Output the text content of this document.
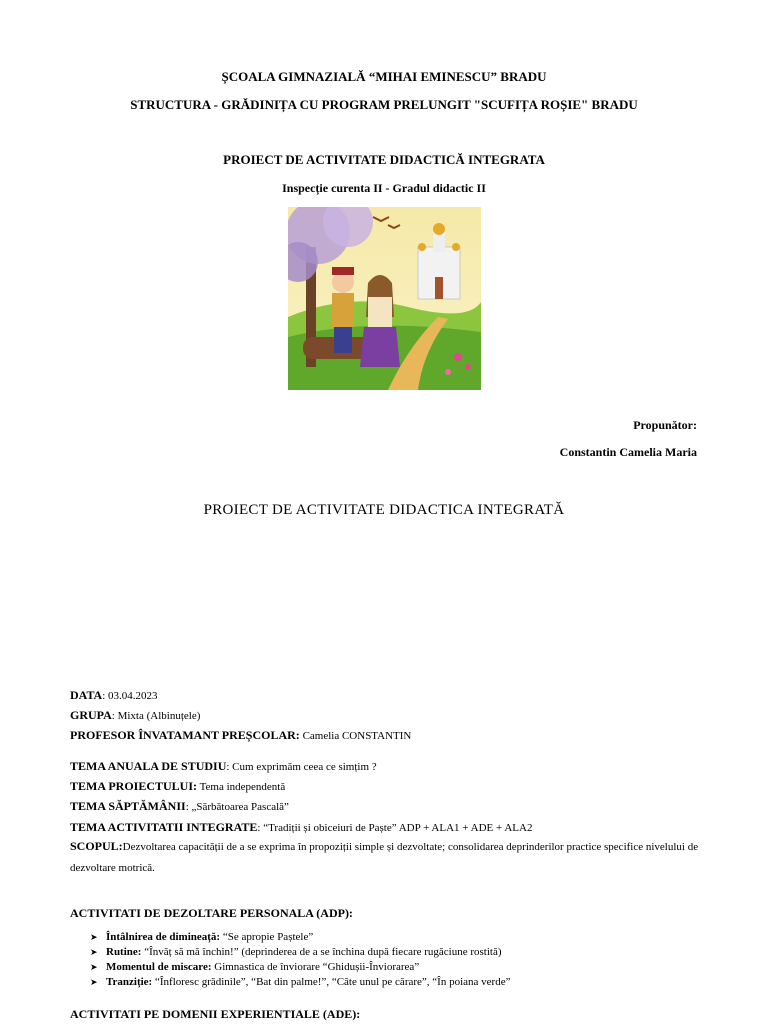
ȘCOALA GIMNAZIALĂ “MIHAI EMINESCU” BRADU
STRUCTURA - GRĂDINIȚA CU PROGRAM PRELUNGIT "SCUFIȚA ROȘIE" BRADU
PROIECT DE ACTIVITATE DIDACTICĂ INTEGRATA
Inspecție curenta II - Gradul didactic II
Propunător:
Constantin Camelia Maria
PROIECT DE ACTIVITATE DIDACTICA INTEGRATĂ
DATA: 03.04.2023
GRUPA: Mixta (Albinuțele)
PROFESOR ÎNVATAMANT PREȘCOLAR: Camelia CONSTANTIN
TEMA ANUALA DE STUDIU: Cum exprimăm ceea ce simțim ?
TEMA PROIECTULUI: Tema independentă
TEMA SĂPTĂMÂNII: „Sărbătoarea Pascală”
TEMA ACTIVITATII INTEGRATE: “Tradiții și obiceiuri de Paște” ADP + ALA1 + ADE + ALA2
SCOPUL:Dezvoltarea capacității de a se exprima în propoziții simple și dezvoltate; consolidarea deprinderilor practice specifice nivelului de dezvoltare motrică.
ACTIVITATI DE DEZOLTARE PERSONALA (ADP):
➤ Întâlnirea de dimineață: “Se apropie Paștele”
➤ Rutine: “Învăț să mă închin!” (deprinderea de a se închina după fiecare rugăciune rostită)
➤ Momentul de miscare: Gimnastica de înviorare “Ghidușii-Înviorarea”
➤ Tranziție: “Înfloresc grădinile”, “Bat din palme!”, “Câte unul pe cărare”, “În poiana verde”
ACTIVITATI PE DOMENII EXPERIENTIALE (ADE):
